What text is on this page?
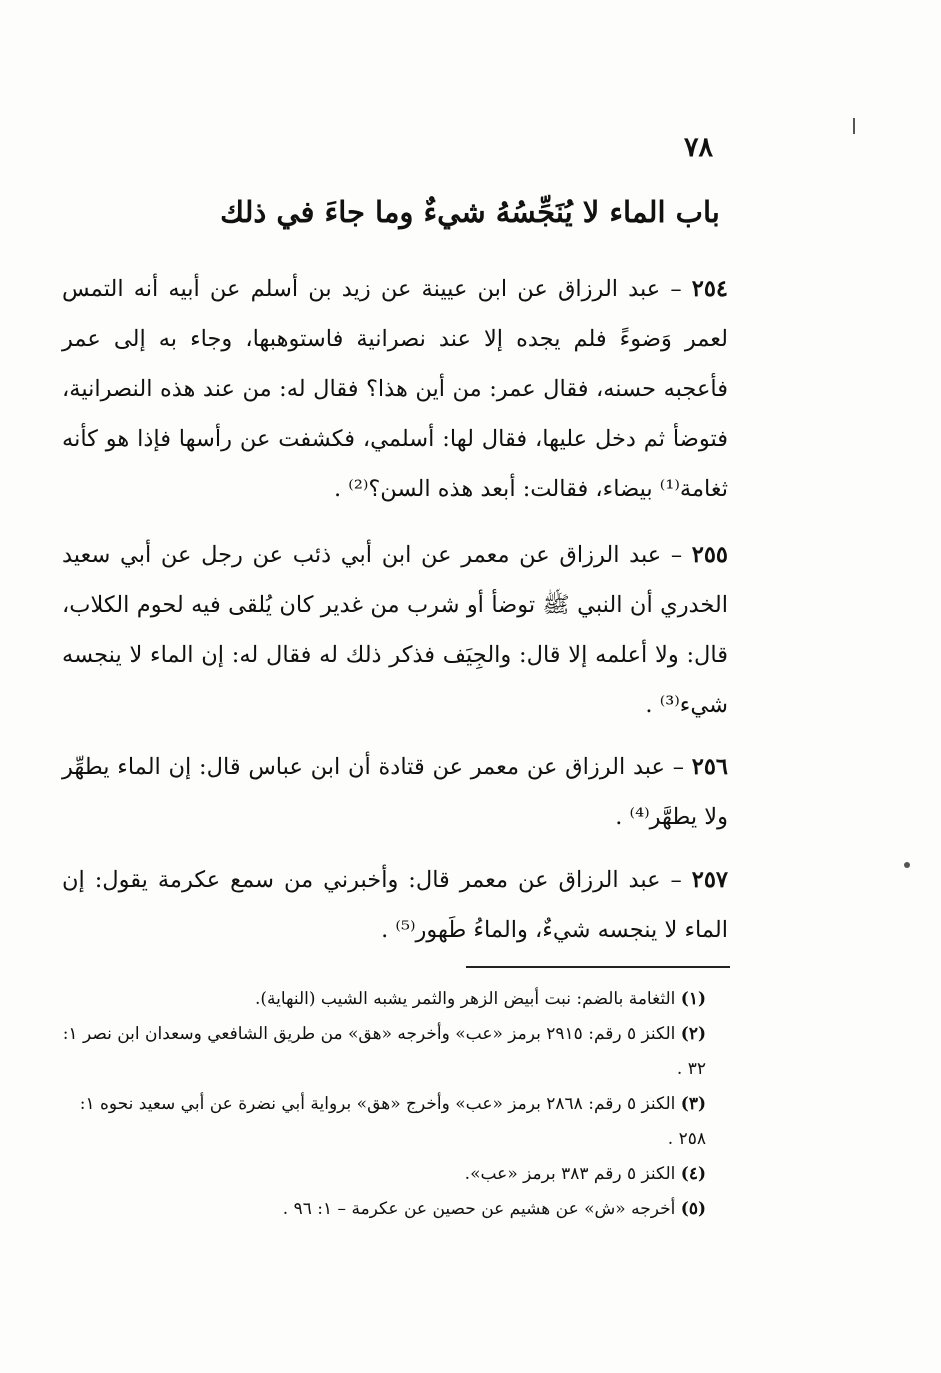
٧٨
باب الماء لا يُنَجِّسُهُ شيءٌ وما جاءَ في ذلك
٢٥٤ – عبد الرزاق عن ابن عيينة عن زيد بن أسلم عن أبيه أنه التمس لعمر وَضوءً فلم يجده إلا عند نصرانية فاستوهبها، وجاء به إلى عمر فأعجبه حسنه، فقال عمر: من أين هذا؟ فقال له: من عند هذه النصرانية، فتوضأ ثم دخل عليها، فقال لها: أسلمي، فكشفت عن رأسها فإذا هو كأنه ثغامة⁽¹⁾ بيضاء، فقالت: أبعد هذه السن؟⁽²⁾ .
٢٥٥ – عبد الرزاق عن معمر عن ابن أبي ذئب عن رجل عن أبي سعيد الخدري أن النبي ﷺ توضأ أو شرب من غدير كان يُلقى فيه لحوم الكلاب، قال: ولا أعلمه إلا قال: والجِيَف فذكر ذلك له فقال له: إن الماء لا ينجسه شيء⁽³⁾ .
٢٥٦ – عبد الرزاق عن معمر عن قتادة أن ابن عباس قال: إن الماء يطهِّر ولا يطهَّر⁽⁴⁾ .
٢٥٧ – عبد الرزاق عن معمر قال: وأخبرني من سمع عكرمة يقول: إن الماء لا ينجسه شيءٌ، والماءُ طَهور⁽⁵⁾ .

(١) الثغامة بالضم: نبت أبيض الزهر والثمر يشبه الشيب (النهاية).

(٢) الكنز ٥ رقم: ٢٩١٥ برمز «عب» وأخرجه «هق» من طريق الشافعي وسعدان ابن نصر ١: ٣٢ .

(٣) الكنز ٥ رقم: ٢٨٦٨ برمز «عب» وأخرج «هق» برواية أبي نضرة عن أبي سعيد نحوه ١: ٢٥٨ .

(٤) الكنز ٥ رقم ٣٨٣ برمز «عب».

(٥) أخرجه «ش» عن هشيم عن حصين عن عكرمة – ١: ٩٦ .
